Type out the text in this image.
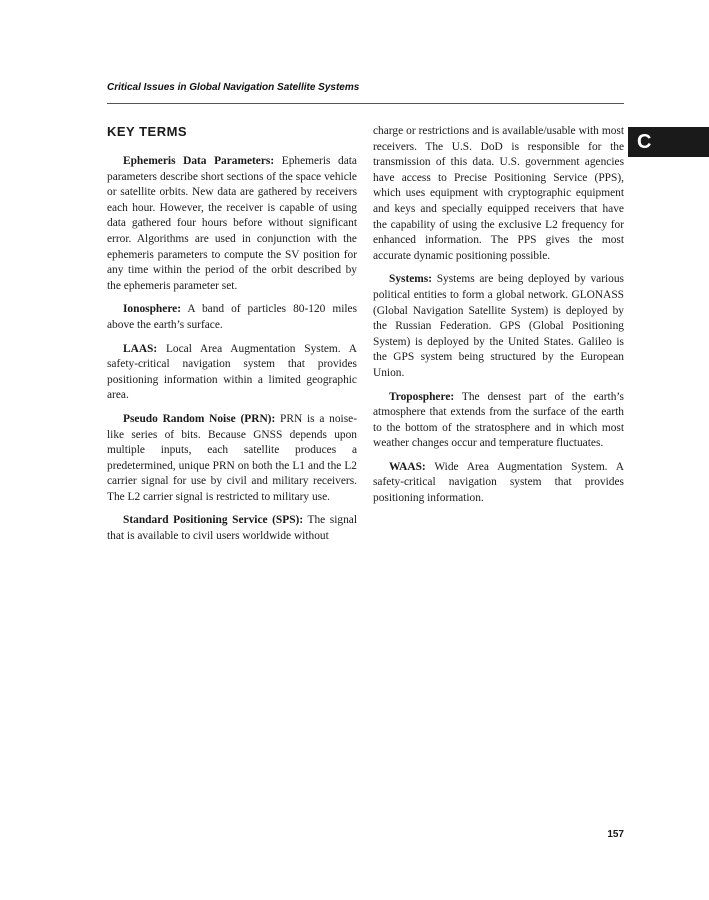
Critical Issues in Global Navigation Satellite Systems
C
KEY TERMS

Ephemeris Data Parameters: Ephemeris data parameters describe short sections of the space vehicle or satellite orbits. New data are gathered by receivers each hour. However, the receiver is capable of using data gathered four hours before without significant error. Algorithms are used in conjunction with the ephemeris parameters to compute the SV position for any time within the period of the orbit described by the ephemeris parameter set.

Ionosphere: A band of particles 80-120 miles above the earth’s surface.

LAAS: Local Area Augmentation System. A safety-critical navigation system that provides positioning information within a limited geographic area.

Pseudo Random Noise (PRN): PRN is a noise-like series of bits. Because GNSS depends upon multiple inputs, each satellite produces a predetermined, unique PRN on both the L1 and the L2 carrier signal for use by civil and military receivers. The L2 carrier signal is restricted to military use.

Standard Positioning Service (SPS): The signal that is available to civil users worldwide without

charge or restrictions and is available/usable with most receivers. The U.S. DoD is responsible for the transmission of this data. U.S. government agencies have access to Precise Positioning Service (PPS), which uses equipment with cryptographic equipment and keys and specially equipped receivers that have the capability of using the exclusive L2 frequency for enhanced information. The PPS gives the most accurate dynamic positioning possible.

Systems: Systems are being deployed by various political entities to form a global network. GLONASS (Global Navigation Satellite System) is deployed by the Russian Federation. GPS (Global Positioning System) is deployed by the United States. Galileo is the GPS system being structured by the European Union.

Troposphere: The densest part of the earth’s atmosphere that extends from the surface of the earth to the bottom of the stratosphere and in which most weather changes occur and temperature fluctuates.

WAAS: Wide Area Augmentation System. A safety-critical navigation system that provides positioning information.

157
